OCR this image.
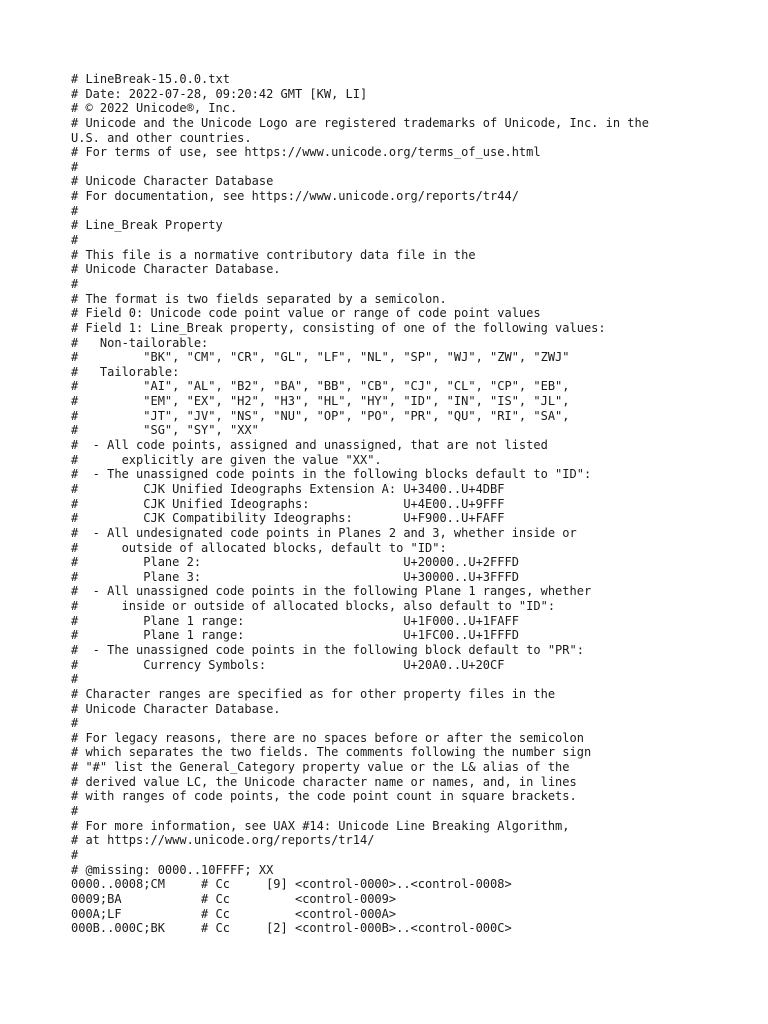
# LineBreak-15.0.0.txt
# Date: 2022-07-28, 09:20:42 GMT [KW, LI]
# © 2022 Unicode®, Inc.
# Unicode and the Unicode Logo are registered trademarks of Unicode, Inc. in the
U.S. and other countries.
# For terms of use, see https://www.unicode.org/terms_of_use.html
#
# Unicode Character Database
# For documentation, see https://www.unicode.org/reports/tr44/
#
# Line_Break Property
#
# This file is a normative contributory data file in the
# Unicode Character Database.
#
# The format is two fields separated by a semicolon.
# Field 0: Unicode code point value or range of code point values
# Field 1: Line_Break property, consisting of one of the following values:
#   Non-tailorable:
#         "BK", "CM", "CR", "GL", "LF", "NL", "SP", "WJ", "ZW", "ZWJ"
#   Tailorable:
#         "AI", "AL", "B2", "BA", "BB", "CB", "CJ", "CL", "CP", "EB",
#         "EM", "EX", "H2", "H3", "HL", "HY", "ID", "IN", "IS", "JL",
#         "JT", "JV", "NS", "NU", "OP", "PO", "PR", "QU", "RI", "SA",
#         "SG", "SY", "XX"
#  - All code points, assigned and unassigned, that are not listed
#      explicitly are given the value "XX".
#  - The unassigned code points in the following blocks default to "ID":
#         CJK Unified Ideographs Extension A: U+3400..U+4DBF
#         CJK Unified Ideographs:             U+4E00..U+9FFF
#         CJK Compatibility Ideographs:       U+F900..U+FAFF
#  - All undesignated code points in Planes 2 and 3, whether inside or
#      outside of allocated blocks, default to "ID":
#         Plane 2:                            U+20000..U+2FFFD
#         Plane 3:                            U+30000..U+3FFFD
#  - All unassigned code points in the following Plane 1 ranges, whether
#      inside or outside of allocated blocks, also default to "ID":
#         Plane 1 range:                      U+1F000..U+1FAFF
#         Plane 1 range:                      U+1FC00..U+1FFFD
#  - The unassigned code points in the following block default to "PR":
#         Currency Symbols:                   U+20A0..U+20CF
#
# Character ranges are specified as for other property files in the
# Unicode Character Database.
#
# For legacy reasons, there are no spaces before or after the semicolon
# which separates the two fields. The comments following the number sign
# "#" list the General_Category property value or the L& alias of the
# derived value LC, the Unicode character name or names, and, in lines
# with ranges of code points, the code point count in square brackets.
#
# For more information, see UAX #14: Unicode Line Breaking Algorithm,
# at https://www.unicode.org/reports/tr14/
#
# @missing: 0000..10FFFF; XX
0000..0008;CM     # Cc     [9] <control-0000>..<control-0008>
0009;BA           # Cc         <control-0009>
000A;LF           # Cc         <control-000A>
000B..000C;BK     # Cc     [2] <control-000B>..<control-000C>
